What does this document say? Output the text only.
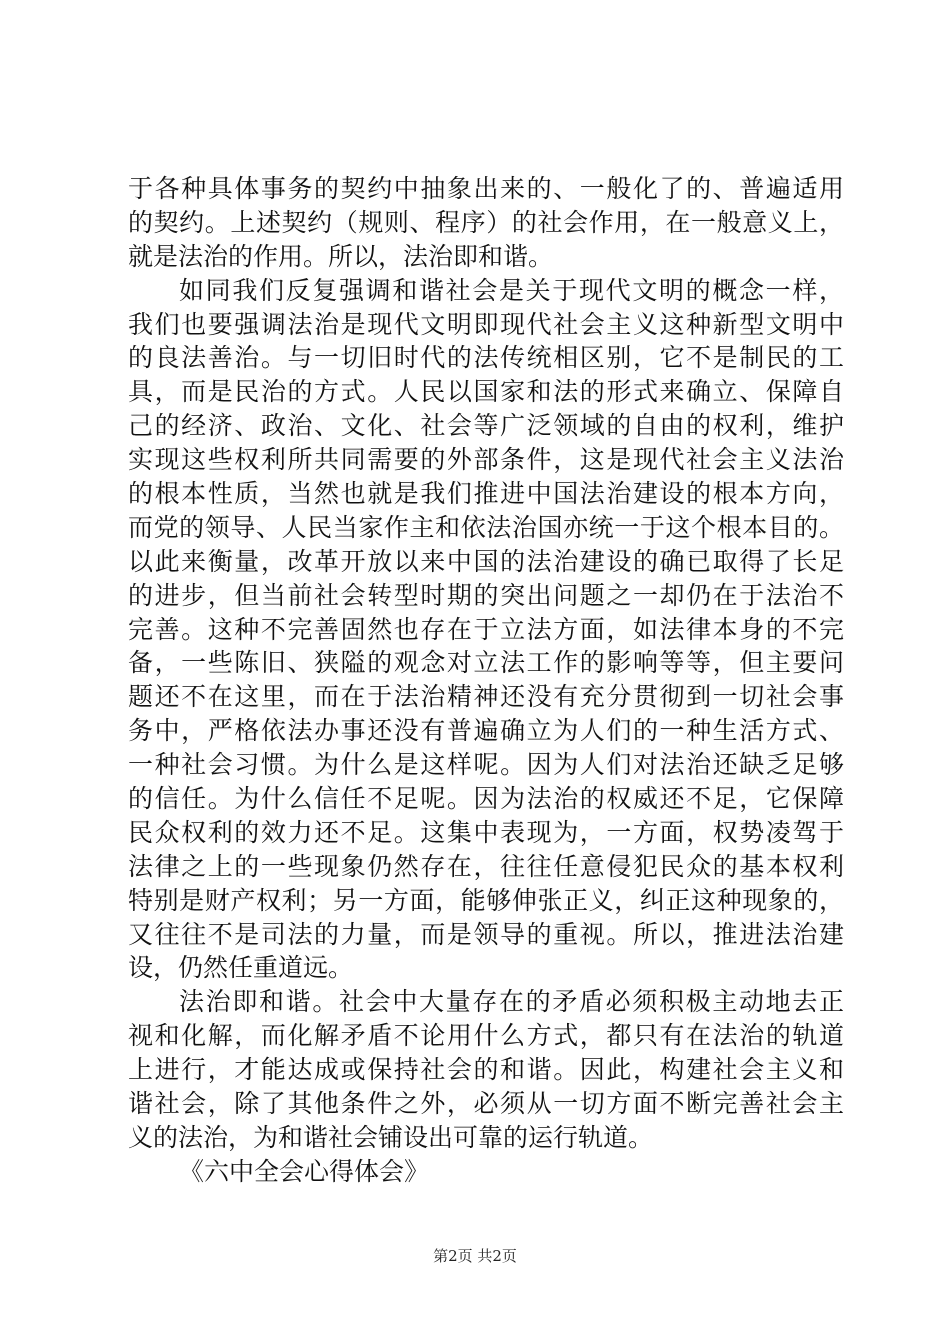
于各种具体事务的契约中抽象出来的、一般化了的、普遍适用
的契约。上述契约（规则、程序）的社会作用，在一般意义上，
就是法治的作用。所以，法治即和谐。
如同我们反复强调和谐社会是关于现代文明的概念一样，
我们也要强调法治是现代文明即现代社会主义这种新型文明中
的良法善治。与一切旧时代的法传统相区别，它不是制民的工
具，而是民治的方式。人民以国家和法的形式来确立、保障自
己的经济、政治、文化、社会等广泛领域的自由的权利，维护
实现这些权利所共同需要的外部条件，这是现代社会主义法治
的根本性质，当然也就是我们推进中国法治建设的根本方向，
而党的领导、人民当家作主和依法治国亦统一于这个根本目的。
以此来衡量，改革开放以来中国的法治建设的确已取得了长足
的进步，但当前社会转型时期的突出问题之一却仍在于法治不
完善。这种不完善固然也存在于立法方面，如法律本身的不完
备，一些陈旧、狭隘的观念对立法工作的影响等等，但主要问
题还不在这里，而在于法治精神还没有充分贯彻到一切社会事
务中，严格依法办事还没有普遍确立为人们的一种生活方式、
一种社会习惯。为什么是这样呢。因为人们对法治还缺乏足够
的信任。为什么信任不足呢。因为法治的权威还不足，它保障
民众权利的效力还不足。这集中表现为，一方面，权势凌驾于
法律之上的一些现象仍然存在，往往任意侵犯民众的基本权利
特别是财产权利；另一方面，能够伸张正义，纠正这种现象的，
又往往不是司法的力量，而是领导的重视。所以，推进法治建
设，仍然任重道远。
法治即和谐。社会中大量存在的矛盾必须积极主动地去正
视和化解，而化解矛盾不论用什么方式，都只有在法治的轨道
上进行，才能达成或保持社会的和谐。因此，构建社会主义和
谐社会，除了其他条件之外，必须从一切方面不断完善社会主
义的法治，为和谐社会铺设出可靠的运行轨道。
《六中全会心得体会》
第2页 共2页
